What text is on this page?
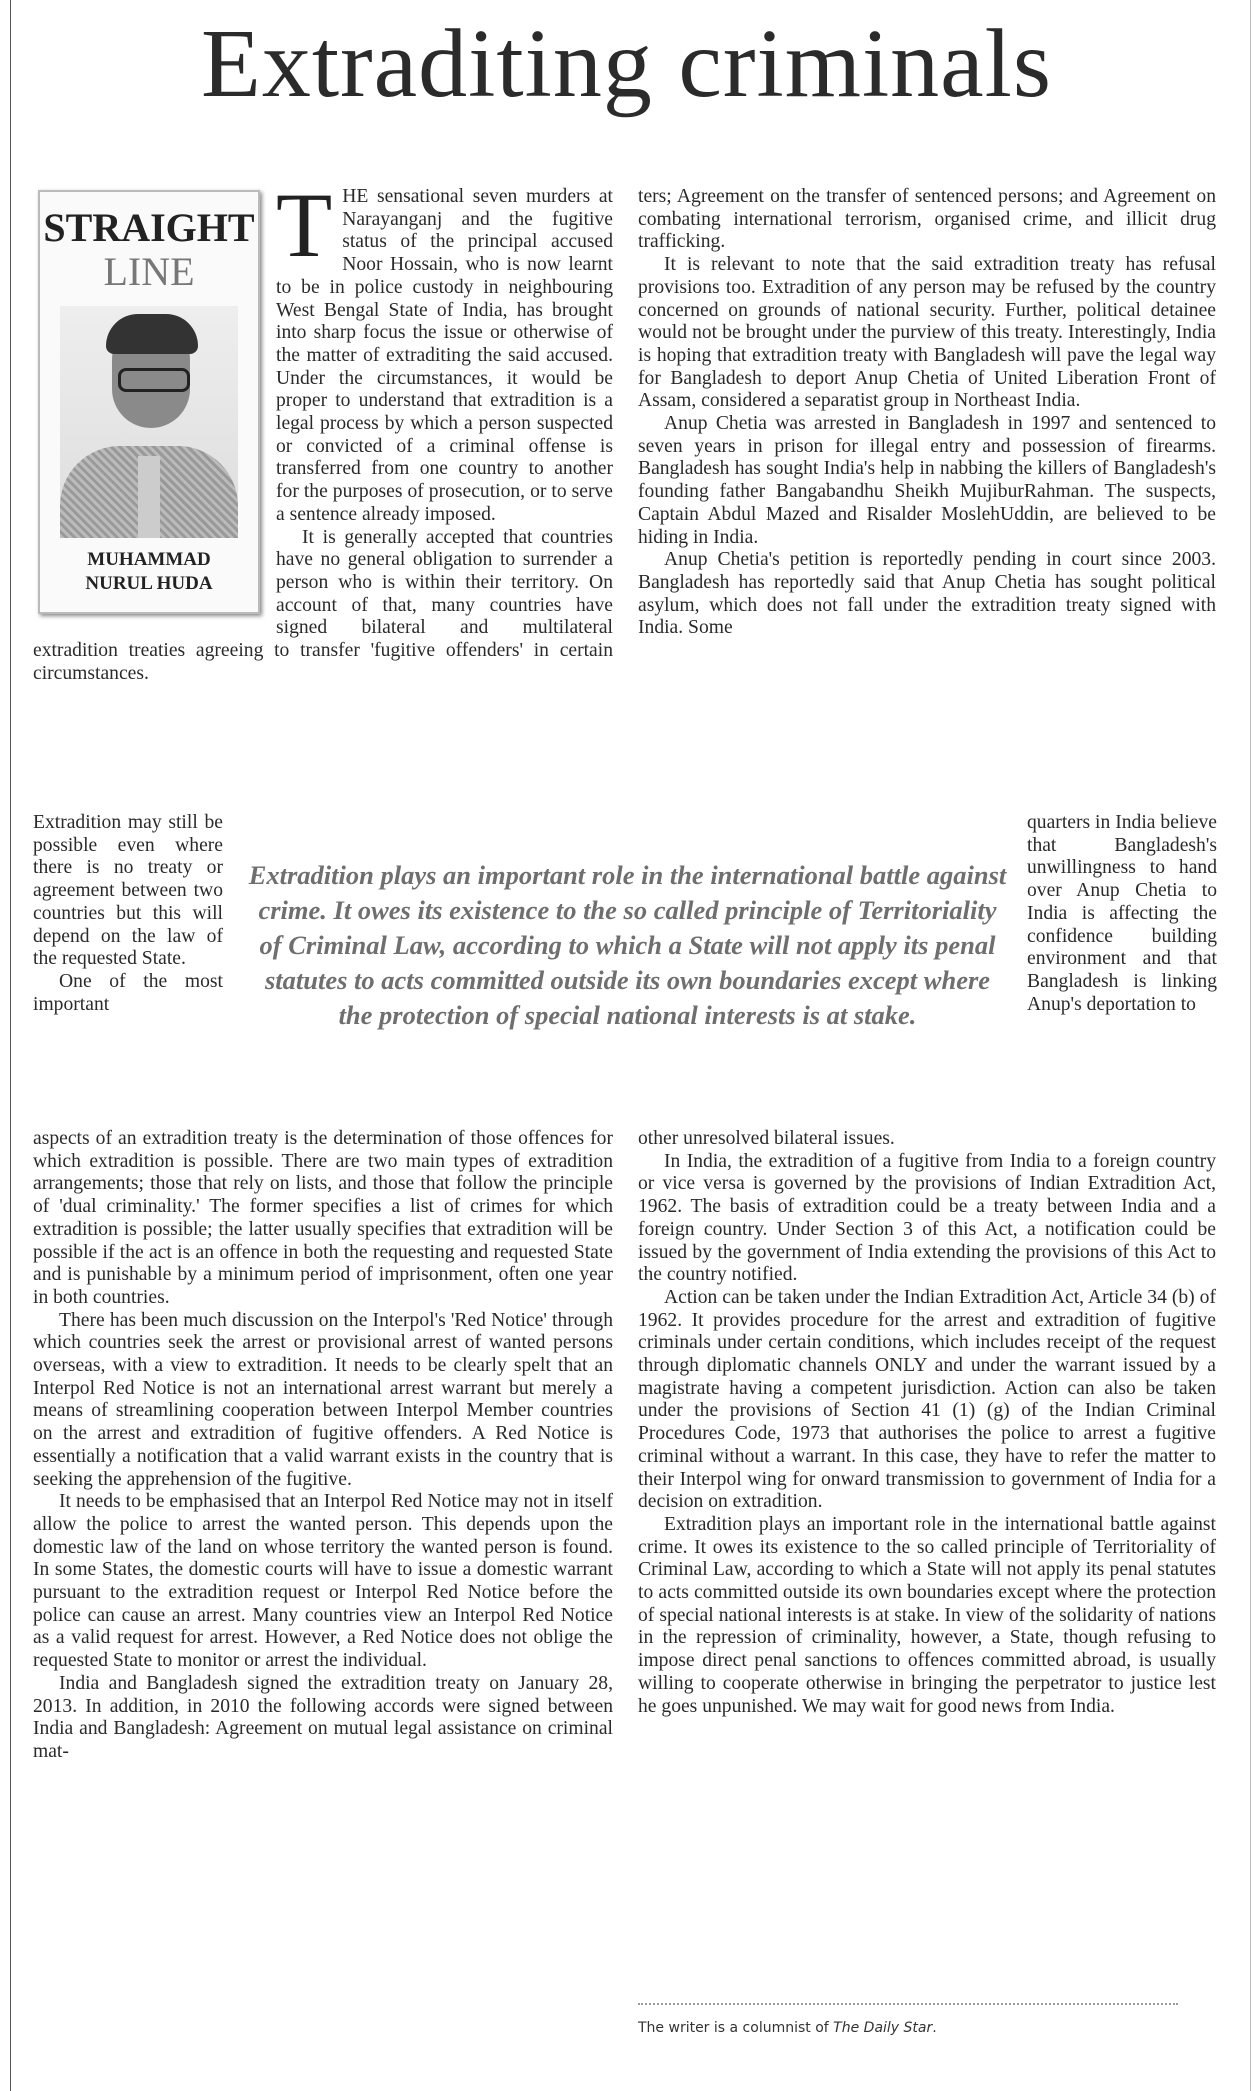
Extraditing criminals
STRAIGHT
LINE
MUHAMMAD
NURUL HUDA

THE sensational seven murders at Narayanganj and the fugitive status of the principal accused Noor Hossain, who is now learnt to be in police custody in neighbouring West Bengal State of India, has brought into sharp focus the issue or otherwise of the matter of extraditing the said accused. Under the circumstances, it would be proper to understand that extradition is a legal process by which a person suspected or convicted of a criminal offense is transferred from one country to another for the purposes of prosecution, or to serve a sentence already imposed.

It is generally accepted that countries have no general obligation to surrender a person who is within their territory. On account of that, many countries have signed bilateral and multilateral extradition treaties agreeing to transfer 'fugitive offenders' in certain circumstances.

Extradition may still be possible even where there is no treaty or agreement between two countries but this will depend on the law of the requested State.

One of the most important

Extradition plays an important role in the international battle against crime. It owes its existence to the so called principle of Territoriality of Criminal Law, according to which a State will not apply its penal statutes to acts committed outside its own boundaries except where the protection of special national interests is at stake.

quarters in India believe that Bangladesh's unwillingness to hand over Anup Chetia to India is affecting the confidence building environment and that Bangladesh is linking Anup's deportation to

aspects of an extradition treaty is the determination of those offences for which extradition is possible. There are two main types of extradition arrangements; those that rely on lists, and those that follow the principle of 'dual criminality.' The former specifies a list of crimes for which extradition is possible; the latter usually specifies that extradition will be possible if the act is an offence in both the requesting and requested State and is punishable by a minimum period of imprisonment, often one year in both countries.

There has been much discussion on the Interpol's 'Red Notice' through which countries seek the arrest or provisional arrest of wanted persons overseas, with a view to extradition. It needs to be clearly spelt that an Interpol Red Notice is not an international arrest warrant but merely a means of streamlining cooperation between Interpol Member countries on the arrest and extradition of fugitive offenders. A Red Notice is essentially a notification that a valid warrant exists in the country that is seeking the apprehension of the fugitive.

It needs to be emphasised that an Interpol Red Notice may not in itself allow the police to arrest the wanted person. This depends upon the domestic law of the land on whose territory the wanted person is found. In some States, the domestic courts will have to issue a domestic warrant pursuant to the extradition request or Interpol Red Notice before the police can cause an arrest. Many countries view an Interpol Red Notice as a valid request for arrest. However, a Red Notice does not oblige the requested State to monitor or arrest the individual.

India and Bangladesh signed the extradition treaty on January 28, 2013. In addition, in 2010 the following accords were signed between India and Bangladesh: Agreement on mutual legal assistance on criminal mat-

ters; Agreement on the transfer of sentenced persons; and Agreement on combating international terrorism, organised crime, and illicit drug trafficking.

It is relevant to note that the said extradition treaty has refusal provisions too. Extradition of any person may be refused by the country concerned on grounds of national security. Further, political detainee would not be brought under the purview of this treaty. Interestingly, India is hoping that extradition treaty with Bangladesh will pave the legal way for Bangladesh to deport Anup Chetia of United Liberation Front of Assam, considered a separatist group in Northeast India.

Anup Chetia was arrested in Bangladesh in 1997 and sentenced to seven years in prison for illegal entry and possession of firearms. Bangladesh has sought India's help in nabbing the killers of Bangladesh's founding father Bangabandhu Sheikh MujiburRahman. The suspects, Captain Abdul Mazed and Risalder MoslehUddin, are believed to be hiding in India.

Anup Chetia's petition is reportedly pending in court since 2003. Bangladesh has reportedly said that Anup Chetia has sought political asylum, which does not fall under the extradition treaty signed with India. Some

other unresolved bilateral issues.

In India, the extradition of a fugitive from India to a foreign country or vice versa is governed by the provisions of Indian Extradition Act, 1962. The basis of extradition could be a treaty between India and a foreign country. Under Section 3 of this Act, a notification could be issued by the government of India extending the provisions of this Act to the country notified.

Action can be taken under the Indian Extradition Act, Article 34 (b) of 1962. It provides procedure for the arrest and extradition of fugitive criminals under certain conditions, which includes receipt of the request through diplomatic channels ONLY and under the warrant issued by a magistrate having a competent jurisdiction. Action can also be taken under the provisions of Section 41 (1) (g) of the Indian Criminal Procedures Code, 1973 that authorises the police to arrest a fugitive criminal without a warrant. In this case, they have to refer the matter to their Interpol wing for onward transmission to government of India for a decision on extradition.

Extradition plays an important role in the international battle against crime. It owes its existence to the so called principle of Territoriality of Criminal Law, according to which a State will not apply its penal statutes to acts committed outside its own boundaries except where the protection of special national interests is at stake. In view of the solidarity of nations in the repression of criminality, however, a State, though refusing to impose direct penal sanctions to offences committed abroad, is usually willing to cooperate otherwise in bringing the perpetrator to justice lest he goes unpunished. We may wait for good news from India.

The writer is a columnist of The Daily Star.
